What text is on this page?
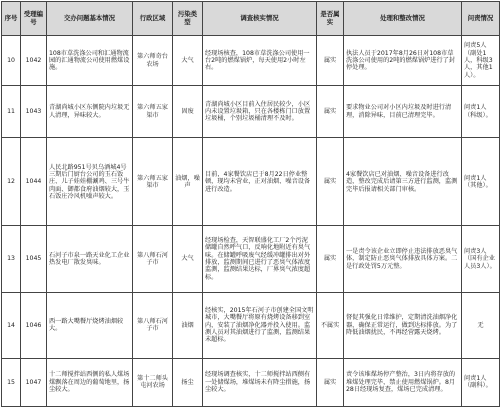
序号	受理编号	交办问题基本情况	行政区域	污染类型	调查核实情况	是否属实	处理和整改情况	问责情况
10	1042	108市草洗涤公司和汇通物流园的汇通物流公司使用燃煤设施。	第六师奇台农场	大气	经现场核查，108市草洗涤公司使用一台2吨的燃煤锅炉，每天使用2小时左右。	属实	执法人员于2017年8月26日对108市草洗涤公司使用的2吨的燃煤锅炉进行了封停处理。	问责5人（副处1人，科级3人，其他1人）。
11	1043	青湖尚城小区东侧院内垃圾无人清理，异味较大。	第六师五家渠市	固废	青湖尚城小区目前入住居民较少，小区内未设置垃圾箱，只在各楼栋门口放置垃圾桶，个别垃圾桶清理不及时。	属实	要求物业公司对小区内垃圾及时进行清理，消除异味，目前已清理完毕。	问责1人（科级）。
12	1044	人民北路951号贝乌酒城4号三期后门厨台公司的玉石饭庄、儿子娃娃棚涮鸡、三号牛肉面、御都食府油烟较大，玉石饭庄冷风机噪声较大。	第六师五家渠市	油烟，噪声	目前，4家餐饮店已于8月22日停业整顿，现均未营业，正对油烟、噪音设备进行改造。	属实	4家餐饮店已对油烟、噪音设备进行改造，整改完成后请第三方进行监测，监测完毕后报请相关部门审核。	问责1人（其他）。
13	1045	石河子市泉一路天业化工企业热发电厂散发臭味。	第八师石河子市	大气	经现场检查，天智联盛化工厂2个污泥储罐自然呼气口，反响化地附近有臭气味。在储罐呼吸废气经缓冲罐排出对外排放，监测期间已进行了恶臭气体浓度监测，监测结果达标，厂界臭气浓度超标。	属实	一是责令该企业立即停止违法排放恶臭气体，制定防止恶臭气体排放具体方案。二是行政处罚5万元整。	问责3人（国有企业人员3人）。
14	1046	西一路大嘴餐厅烧烤油烟较大。	第八师石河子市	油烟	经核实，2015年石河子市创建全国文明城市，大嘴餐厅将原有烧烤设备移到室内，安装了油烟净化器并投入使用。监测人员对其油烟进行了监测，监测结果未超标。	不属实	督促其强化日常维护，定期清洗油烟净化器，确保正常运行，做到达标排放。为了降低油烟扰民，不再经营露天烧烤。	无
15	1047	十二师搅拌站西侧的私人煤场煤飘落在周边的葡萄地里，扬尘较大。	第十二师头屯河农场	扬尘	经现场调查核实，十二师搅拌站西侧有一处储煤场，堆煤场未有降尘措施，扬尘较大。	属实	责令该堆煤场停产整治，3日内将存放的堆煤处理完毕，禁止使用燃煤锅炉。8月28日经现场复查，煤场已完成清理。	问责1人（副科）。
